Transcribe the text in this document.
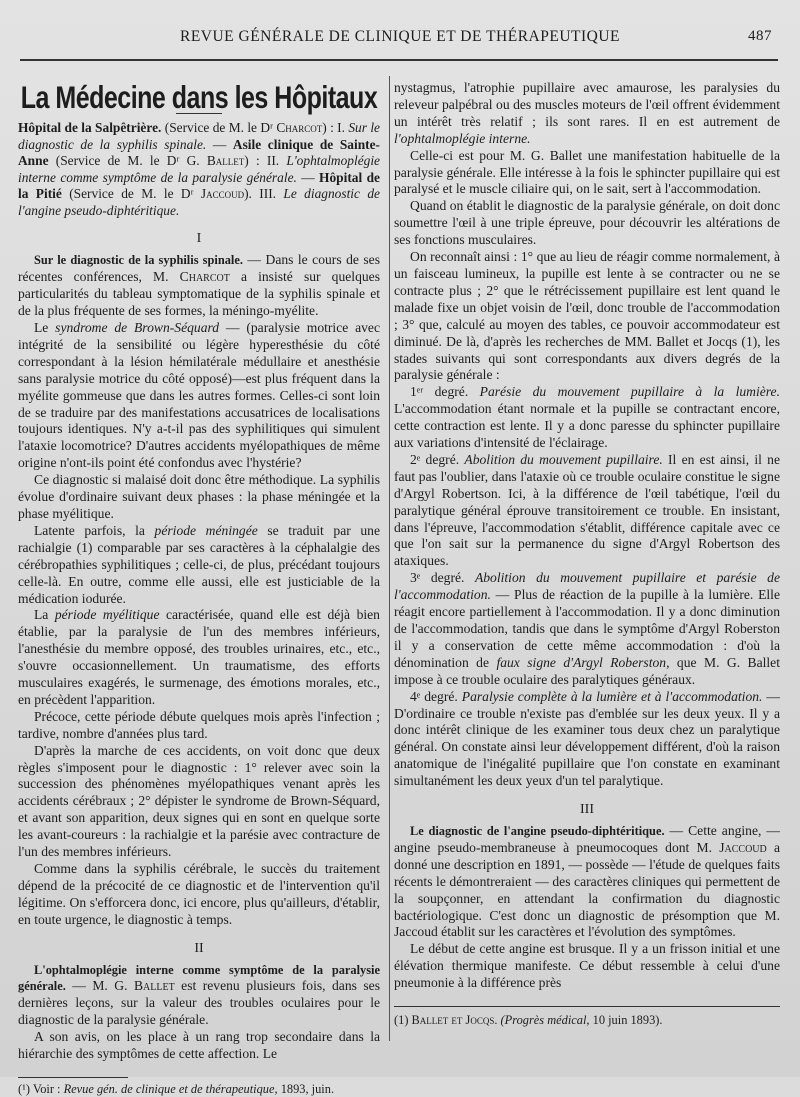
REVUE GÉNÉRALE DE CLINIQUE ET DE THÉRAPEUTIQUE	487
La Médecine dans les Hôpitaux

Hôpital de la Salpêtrière. (Service de M. le Dʳ Charcot) : I. Sur le diagnostic de la syphilis spinale. — Asile clinique de Sainte-Anne (Service de M. le Dʳ G. Ballet) : II. L'ophtalmoplégie interne comme symptôme de la paralysie générale. — Hôpital de la Pitié (Service de M. le Dʳ Jaccoud). III. Le diagnostic de l'angine pseudo-diphtéritique.

I

Sur le diagnostic de la syphilis spinale. — Dans le cours de ses récentes conférences, M. Charcot a insisté sur quelques particularités du tableau symptomatique de la syphilis spinale et de la plus fréquente de ses formes, la méningo-myélite.

Le syndrome de Brown-Séquard — (paralysie motrice avec intégrité de la sensibilité ou légère hyperesthésie du côté correspondant à la lésion hémilatérale médullaire et anesthésie sans paralysie motrice du côté opposé)—est plus fréquent dans la myélite gommeuse que dans les autres formes. Celles-ci sont loin de se traduire par des manifestations accusatrices de localisations toujours identiques. N'y a-t-il pas des syphilitiques qui simulent l'ataxie locomotrice? D'autres accidents myélopathiques de même origine n'ont-ils point été confondus avec l'hystérie?

Ce diagnostic si malaisé doit donc être méthodique. La syphilis évolue d'ordinaire suivant deux phases : la phase méningée et la phase myélitique.

Latente parfois, la période méningée se traduit par une rachialgie (1) comparable par ses caractères à la céphalalgie des cérébropathies syphilitiques ; celle-ci, de plus, précédant toujours celle-là. En outre, comme elle aussi, elle est justiciable de la médication iodurée.

La période myélitique caractérisée, quand elle est déjà bien établie, par la paralysie de l'un des membres inférieurs, l'anesthésie du membre opposé, des troubles urinaires, etc., etc., s'ouvre occasionnellement. Un traumatisme, des efforts musculaires exagérés, le surmenage, des émotions morales, etc., en précèdent l'apparition.

Précoce, cette période débute quelques mois après l'infection ; tardive, nombre d'années plus tard.

D'après la marche de ces accidents, on voit donc que deux règles s'imposent pour le diagnostic : 1° relever avec soin la succession des phénomènes myélopathiques venant après les accidents cérébraux ; 2° dépister le syndrome de Brown-Séquard, et avant son apparition, deux signes qui en sont en quelque sorte les avant-coureurs : la rachialgie et la parésie avec contracture de l'un des membres inférieurs.

Comme dans la syphilis cérébrale, le succès du traitement dépend de la précocité de ce diagnostic et de l'intervention qu'il légitime. On s'efforcera donc, ici encore, plus qu'ailleurs, d'établir, en toute urgence, le diagnostic à temps.

II

L'ophtalmoplégie interne comme symptôme de la paralysie générale. — M. G. Ballet est revenu plusieurs fois, dans ses dernières leçons, sur la valeur des troubles oculaires pour le diagnostic de la paralysie générale.

A son avis, on les place à un rang trop secondaire dans la hiérarchie des symptômes de cette affection. Le

(¹) Voir : Revue gén. de clinique et de thérapeutique, 1893, juin.

nystagmus, l'atrophie pupillaire avec amaurose, les paralysies du releveur palpébral ou des muscles moteurs de l'œil offrent évidemment un intérêt très relatif ; ils sont rares. Il en est autrement de l'ophtalmoplégie interne.

Celle-ci est pour M. G. Ballet une manifestation habituelle de la paralysie générale. Elle intéresse à la fois le sphincter pupillaire qui est paralysé et le muscle ciliaire qui, on le sait, sert à l'accommodation.

Quand on établit le diagnostic de la paralysie générale, on doit donc soumettre l'œil à une triple épreuve, pour découvrir les altérations de ses fonctions musculaires.

On reconnaît ainsi : 1° que au lieu de réagir comme normalement, à un faisceau lumineux, la pupille est lente à se contracter ou ne se contracte plus ; 2° que le rétrécissement pupillaire est lent quand le malade fixe un objet voisin de l'œil, donc trouble de l'accommodation ; 3° que, calculé au moyen des tables, ce pouvoir accommodateur est diminué. De là, d'après les recherches de MM. Ballet et Jocqs (1), les stades suivants qui sont correspondants aux divers degrés de la paralysie générale :

1ᵉʳ degré. Parésie du mouvement pupillaire à la lumière. L'accommodation étant normale et la pupille se contractant encore, cette contraction est lente. Il y a donc paresse du sphincter pupillaire aux variations d'intensité de l'éclairage.

2ᵉ degré. Abolition du mouvement pupillaire. Il en est ainsi, il ne faut pas l'oublier, dans l'ataxie où ce trouble oculaire constitue le signe d'Argyl Robertson. Ici, à la différence de l'œil tabétique, l'œil du paralytique général éprouve transitoirement ce trouble. En insistant, dans l'épreuve, l'accommodation s'établit, différence capitale avec ce que l'on sait sur la permanence du signe d'Argyl Robertson des ataxiques.

3ᵉ degré. Abolition du mouvement pupillaire et parésie de l'accommodation. — Plus de réaction de la pupille à la lumière. Elle réagit encore partiellement à l'accommodation. Il y a donc diminution de l'accommodation, tandis que dans le symptôme d'Argyl Roberston il y a conservation de cette même accommodation : d'où la dénomination de faux signe d'Argyl Roberston, que M. G. Ballet impose à ce trouble oculaire des paralytiques généraux.

4ᵉ degré. Paralysie complète à la lumière et à l'accommodation. — D'ordinaire ce trouble n'existe pas d'emblée sur les deux yeux. Il y a donc intérêt clinique de les examiner tous deux chez un paralytique général. On constate ainsi leur développement différent, d'où la raison anatomique de l'inégalité pupillaire que l'on constate en examinant simultanément les deux yeux d'un tel paralytique.

III

Le diagnostic de l'angine pseudo-diphtéritique. — Cette angine, — angine pseudo-membraneuse à pneumocoques dont M. Jaccoud a donné une description en 1891, — possède — l'étude de quelques faits récents le démontreraient — des caractères cliniques qui permettent de la soupçonner, en attendant la confirmation du diagnostic bactériologique. C'est donc un diagnostic de présomption que M. Jaccoud établit sur les caractères et l'évolution des symptômes.

Le début de cette angine est brusque. Il y a un frisson initial et une élévation thermique manifeste. Ce début ressemble à celui d'une pneumonie à la différence près

(1) Ballet et Jocqs. (Progrès médical, 10 juin 1893).
